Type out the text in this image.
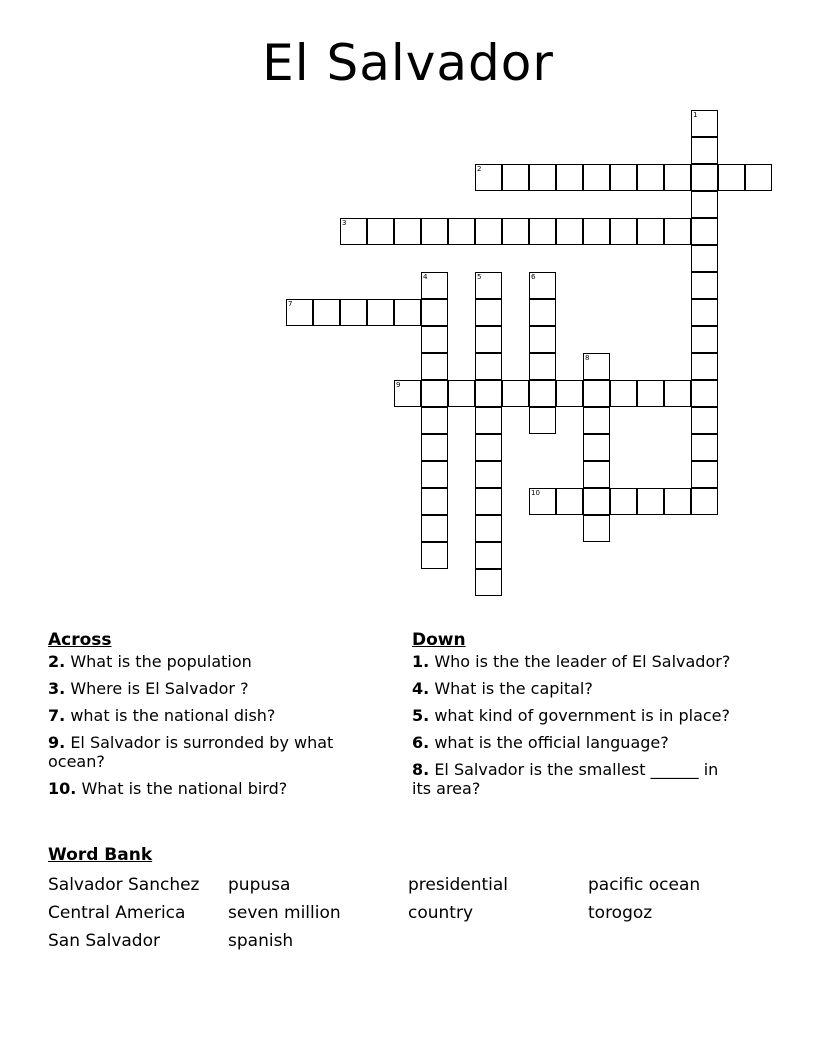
El Salvador
1
2
3
4	5	6
7
8
9
10
Across
2. What is the population
3. Where is El Salvador ?
7. what is the national dish?
9. El Salvador is surronded by what ocean?
10. What is the national bird?
Down
1. Who is the the leader of El Salvador?
4. What is the capital?
5. what kind of government is in place?
6. what is the official language?
8. El Salvador is the smallest ______ in its area?
Word Bank
Salvador Sanchez
Central America
San Salvador
pupusa
seven million
spanish
presidential
country
pacific ocean
torogoz
